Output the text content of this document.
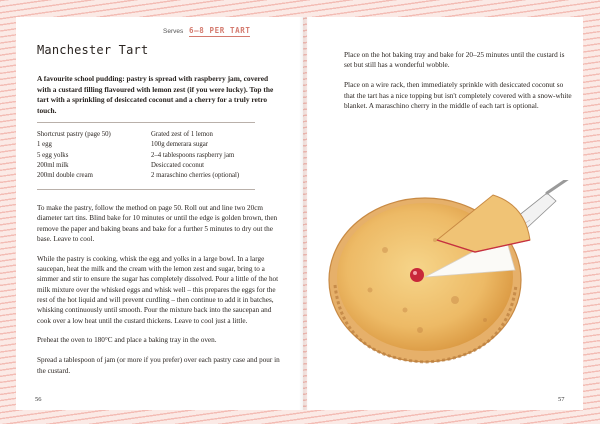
Serves 6–8 PER TART
Manchester Tart

A favourite school pudding: pastry is spread with raspberry jam, covered with a custard filling flavoured with lemon zest (if you were lucky). Top the tart with a sprinkling of desiccated coconut and a cherry for a truly retro touch.

Shortcrust pastry (page 50)
1 egg
5 egg yolks
200ml milk
200ml double cream
Grated zest of 1 lemon
100g demerara sugar
2–4 tablespoons raspberry jam
Desiccated coconut
2 maraschino cherries (optional)

To make the pastry, follow the method on page 50. Roll out and line two 20cm diameter tart tins. Blind bake for 10 minutes or until the edge is golden brown, then remove the paper and baking beans and bake for a further 5 minutes to dry out the base. Leave to cool.

While the pastry is cooking, whisk the egg and yolks in a large bowl. In a large saucepan, heat the milk and the cream with the lemon zest and sugar, bring to a simmer and stir to ensure the sugar has completely dissolved. Pour a little of the hot milk mixture over the whisked eggs and whisk well – this prepares the eggs for the rest of the hot liquid and will prevent curdling – then continue to add it in batches, whisking continuously until smooth. Pour the mixture back into the saucepan and cook over a low heat until the custard thickens. Leave to cool just a little.

Preheat the oven to 180°C and place a baking tray in the oven.

Spread a tablespoon of jam (or more if you prefer) over each pastry case and pour in the custard.

56

Place on the hot baking tray and bake for 20–25 minutes until the custard is set but still has a wonderful wobble.

Place on a wire rack, then immediately sprinkle with desiccated coconut so that the tart has a nice topping but isn't completely covered with a snow-white blanket. A maraschino cherry in the middle of each tart is optional.

57
